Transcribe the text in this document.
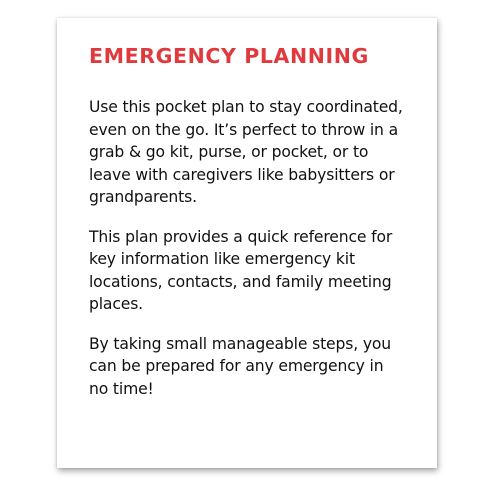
EMERGENCY PLANNING

Use this pocket plan to stay coordinated, even on the go. It’s perfect to throw in a grab & go kit, purse, or pocket, or to leave with caregivers like babysitters or grandparents.

This plan provides a quick reference for key information like emergency kit locations, contacts, and family meeting places.

By taking small manageable steps, you can be prepared for any emergency in no time!
